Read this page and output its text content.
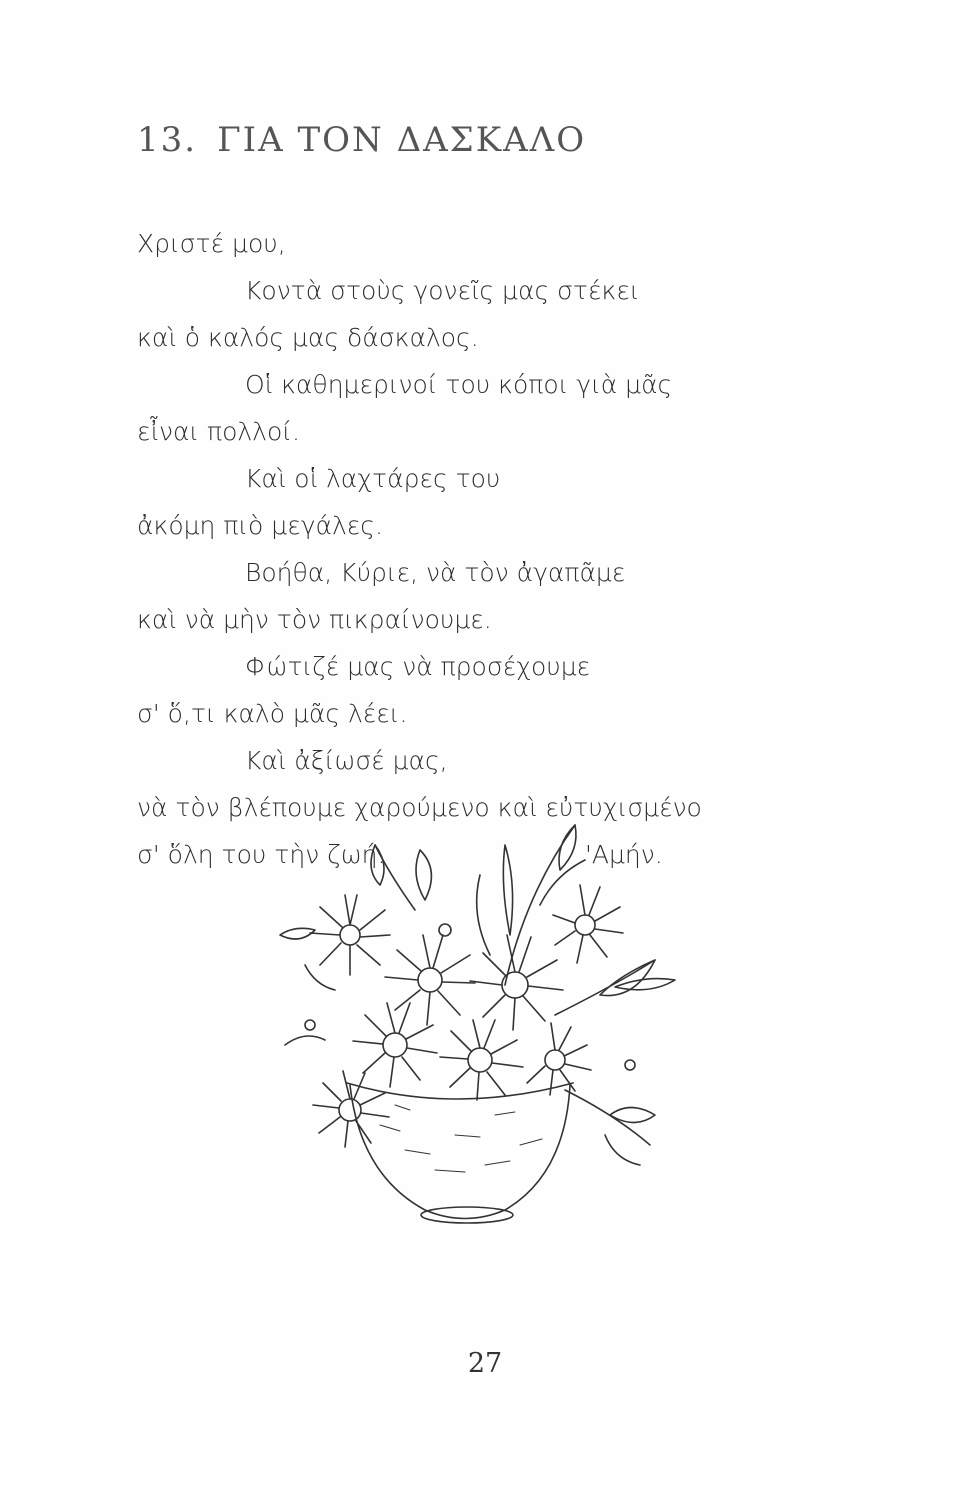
13. ΓΙΑ ΤΟΝ ΔΑΣΚΑΛΟ
Χριστέ μου,
Κοντὰ στοὺς γονεῖς μας στέκει
καὶ ὁ καλός μας δάσκαλος.
Οἱ καθημερινοί του κόποι γιὰ μᾶς
εἶναι πολλοί.
Καὶ οἱ λαχτάρες του
ἀκόμη πιὸ μεγάλες.
Βοήθα, Κύριε, νὰ τὸν ἀγαπᾶμε
καὶ νὰ μὴν τὸν πικραίνουμε.
Φώτιζέ μας νὰ προσέχουμε
σ' ὅ,τι καλὸ μᾶς λέει.
Καὶ ἀξίωσέ μας,
νὰ τὸν βλέπουμε χαρούμενο καὶ εὐτυχισμένο
σ' ὅλη του τὴν ζωή.	'Αμήν.
27
